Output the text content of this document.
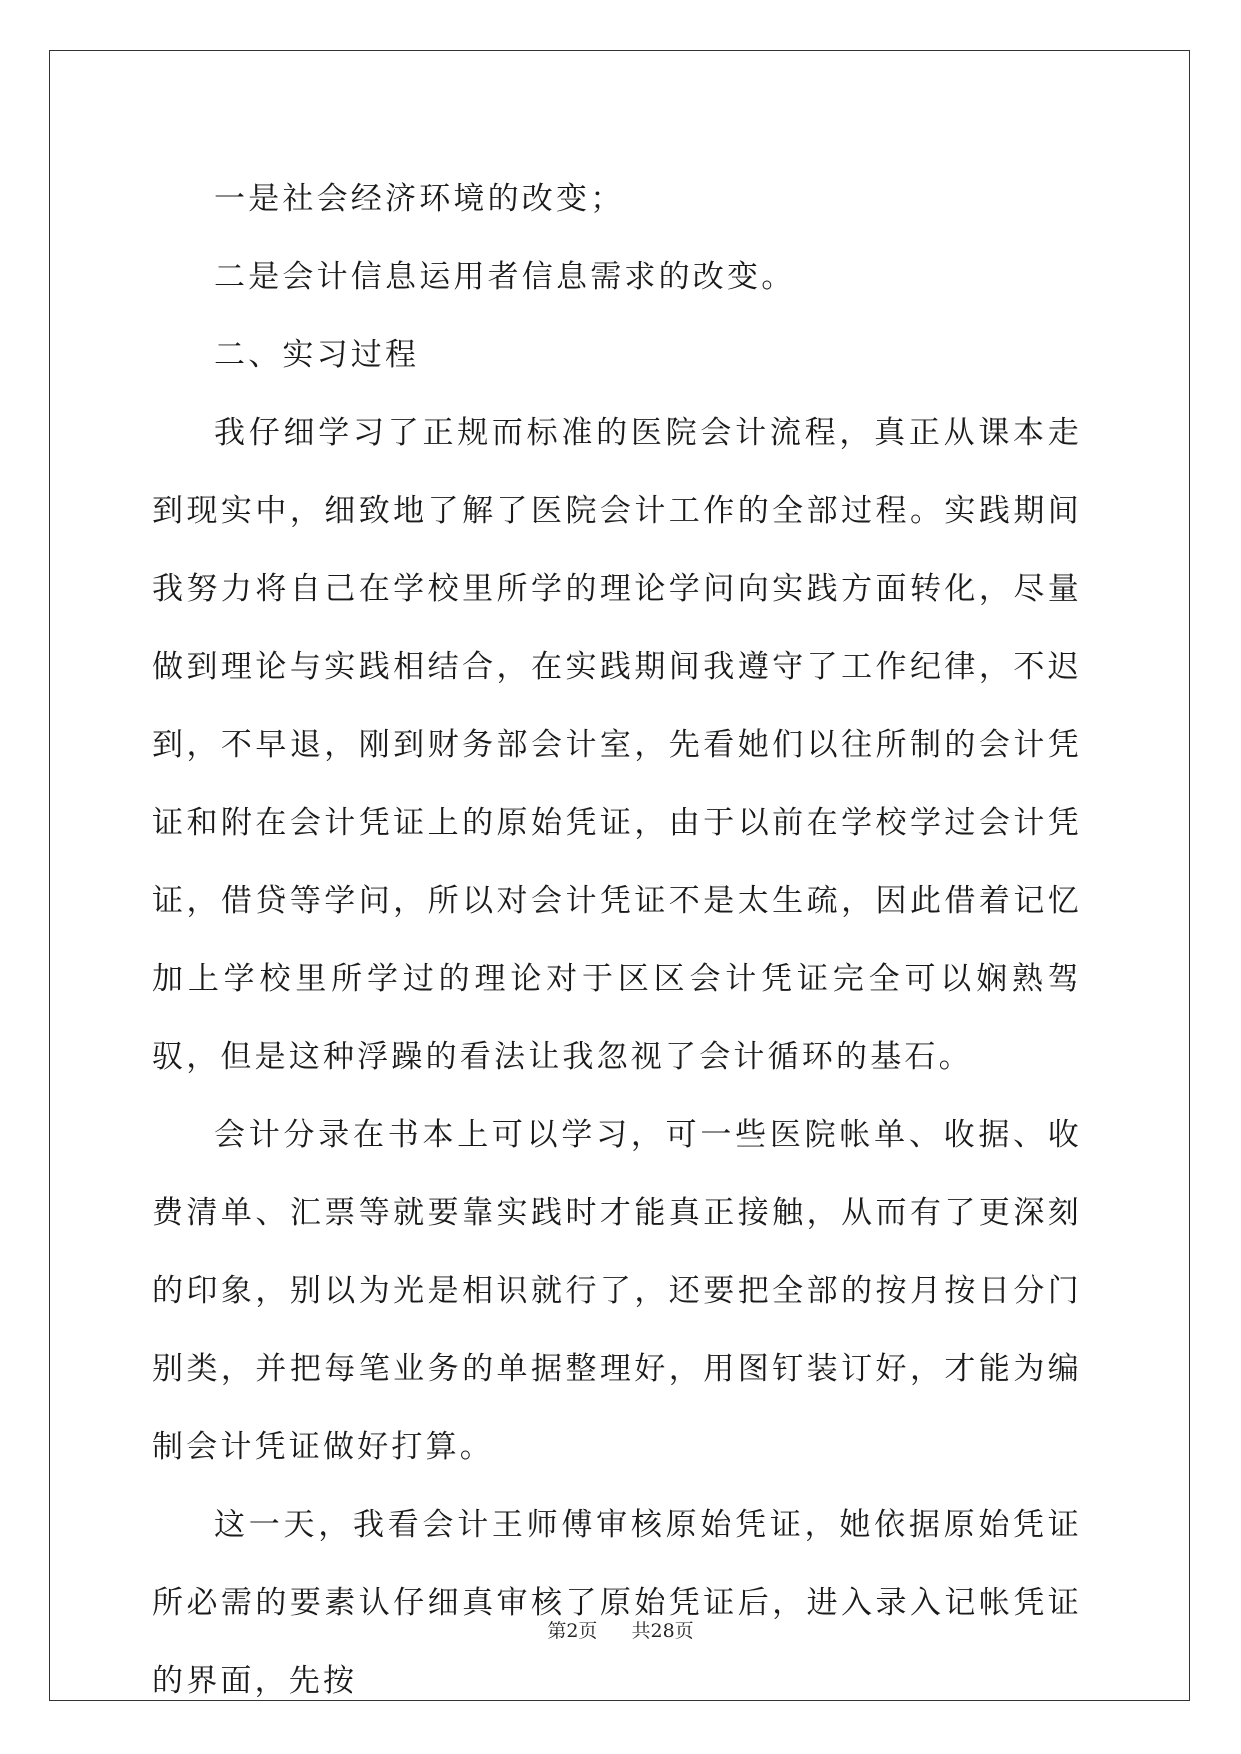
一是社会经济环境的改变；

二是会计信息运用者信息需求的改变。

二、实习过程

我仔细学习了正规而标准的医院会计流程，真正从课本走到现实中，细致地了解了医院会计工作的全部过程。实践期间我努力将自己在学校里所学的理论学问向实践方面转化，尽量做到理论与实践相结合，在实践期间我遵守了工作纪律，不迟到，不早退，刚到财务部会计室，先看她们以往所制的会计凭证和附在会计凭证上的原始凭证，由于以前在学校学过会计凭证，借贷等学问，所以对会计凭证不是太生疏，因此借着记忆加上学校里所学过的理论对于区区会计凭证完全可以娴熟驾驭，但是这种浮躁的看法让我忽视了会计循环的基石。

会计分录在书本上可以学习，可一些医院帐单、收据、收费清单、汇票等就要靠实践时才能真正接触，从而有了更深刻的印象，别以为光是相识就行了，还要把全部的按月按日分门别类，并把每笔业务的单据整理好，用图钉装订好，才能为编制会计凭证做好打算。

这一天，我看会计王师傅审核原始凭证，她依据原始凭证所必需的要素认仔细真审核了原始凭证后，进入录入记帐凭证的界面，先按

第2页 共28页
